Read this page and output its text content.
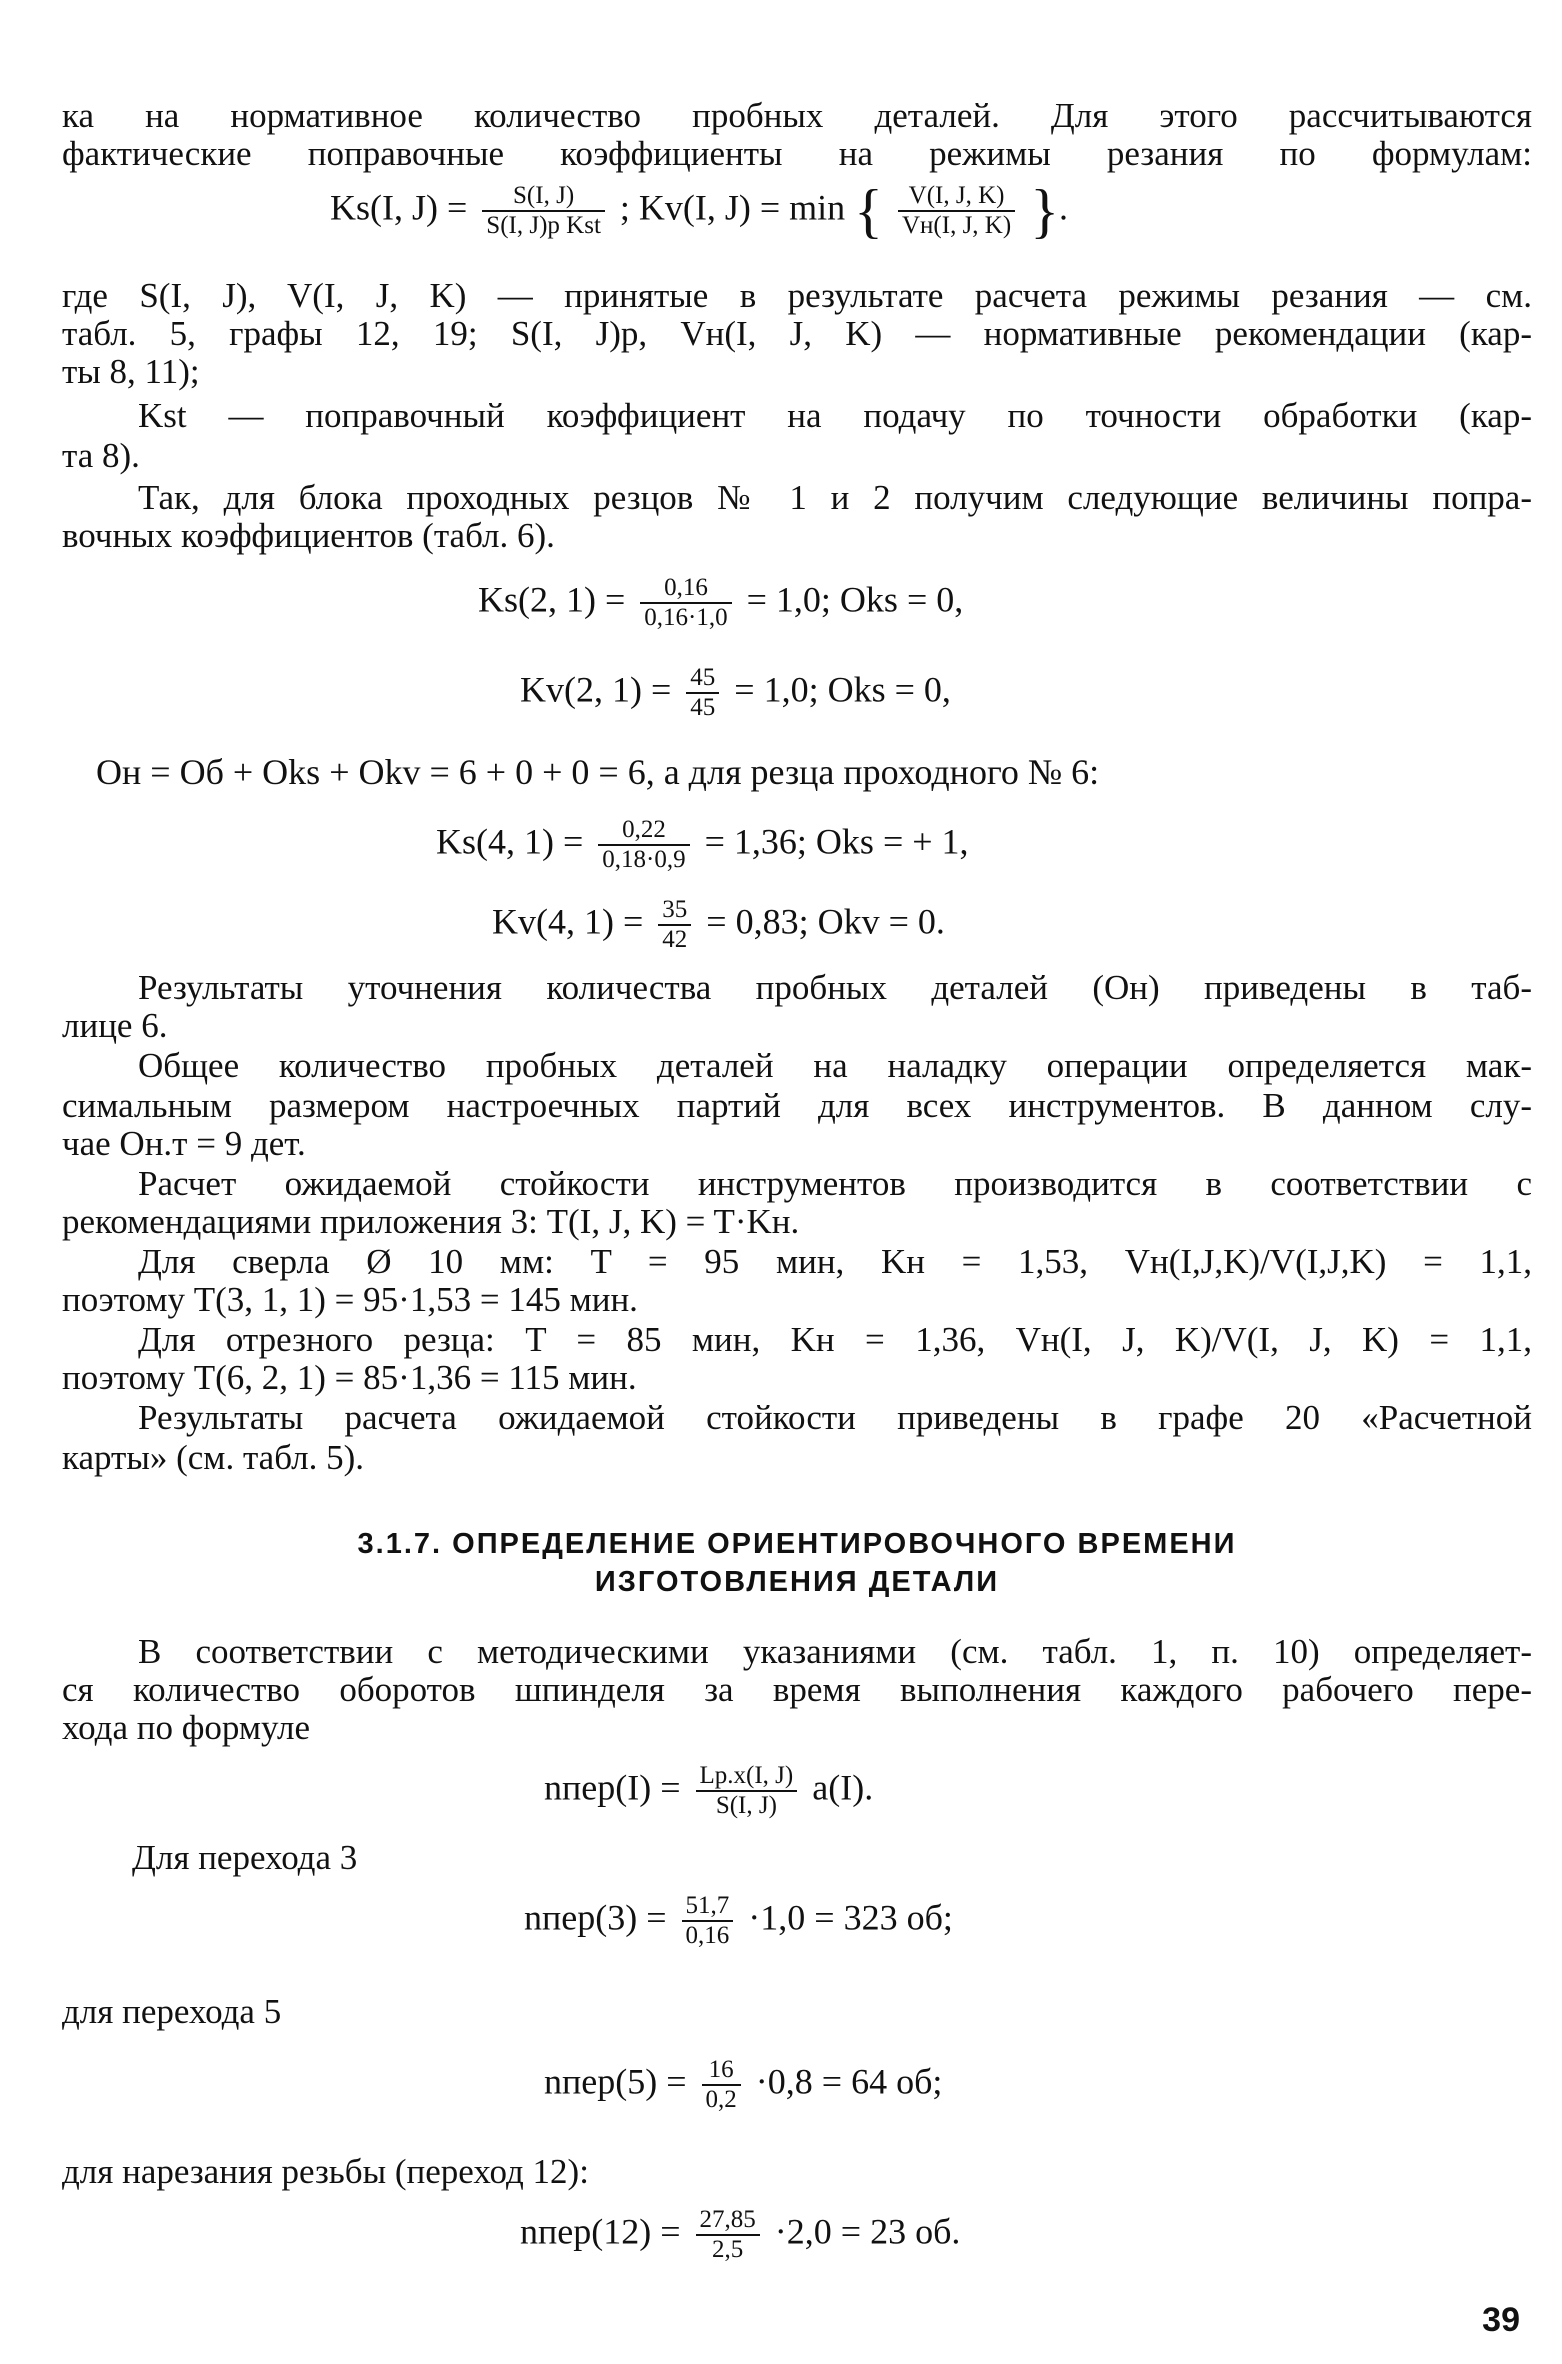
ка на нормативное количество пробных деталей. Для этого рассчитываются
фактические поправочные коэффициенты на режимы резания по формулам:
Ks(I, $J) = \frac{S(I, J)}{\text{S(I, J)р Kst}}$ ; Kv(I, J) = min { $\frac{V(I, J, K)}{Vн(I, J, K)}$ }.
где S(I, J), V(I, J, K) — принятые в результате расчета режимы резания — см.
табл. 5, графы 12, 19; S(I, J)р, Vн(I, J, K) — нормативные рекомендации (кар-
ты 8, 11);
Kst — поправочный коэффициент на подачу по точности обработки (кар-
та 8).
Так, для блока проходных резцов № 1 и 2 получим следующие величины попра-
вочных коэффициентов (табл. 6).
Ks(2, $1) = \frac{0,16}{0,16\cdot 1,0} = 1,0$; Oks = 0,
Kv(2, $1) = \frac{45}{45} = 1,0$; Oks = 0,
Oн = Oб + Oks + Okv = 6 + 0 + 0 = 6, а для резца проходного № 6:
Ks(4, $1) = \frac{0,22}{0,18\cdot 0,9} = 1,36$; Oks = + 1,
Kv(4, $1) = \frac{35}{42} = 0,83$; Okv = 0.
Результаты уточнения количества пробных деталей (Oн) приведены в таб-
лице 6.
Общее количество пробных деталей на наладку операции определяется мак-
симальным размером настроечных партий для всех инструментов. В данном слу-
чае Oн.т = 9 дет.
Расчет ожидаемой стойкости инструментов производится в соответствии с
рекомендациями приложения 3: T(I, J, K) = T·Kн.
Для сверла Ø 10 мм: T = 95 мин, Kн = 1,53, Vн(I,J,K)/V(I,J,K) = 1,1,
поэтому T(3, 1, 1) = 95·1,53 = 145 мин.
Для отрезного резца: T = 85 мин, Kн = 1,36, Vн(I, J, K)/V(I, J, K) = 1,1,
поэтому T(6, 2, 1) = 85·1,36 = 115 мин.
Результаты расчета ожидаемой стойкости приведены в графе 20 «Расчетной
карты» (см. табл. 5).
3.1.7. ОПРЕДЕЛЕНИЕ ОРИЕНТИРОВОЧНОГО ВРЕМЕНИ
ИЗГОТОВЛЕНИЯ ДЕТАЛИ
В соответствии с методическими указаниями (см. табл. 1, п. 10) определяет-
ся количество оборотов шпинделя за время выполнения каждого рабочего пере-
хода по формуле
nпер(I) = $\frac{Lр.х(I, J)}{S(I, J)} a(I)$.
Для перехода 3
nпер(3) = $\frac{51,7}{0,16} \cdot 1,0 = 323$ об;
для перехода 5
nпер(5) = $\frac{16}{0,2} \cdot 0,8 = 64$ об;
для нарезания резьбы (переход 12):
nпер(12) = $\frac{27,85}{2,5} \cdot 2,0 = 23$ об.
39
